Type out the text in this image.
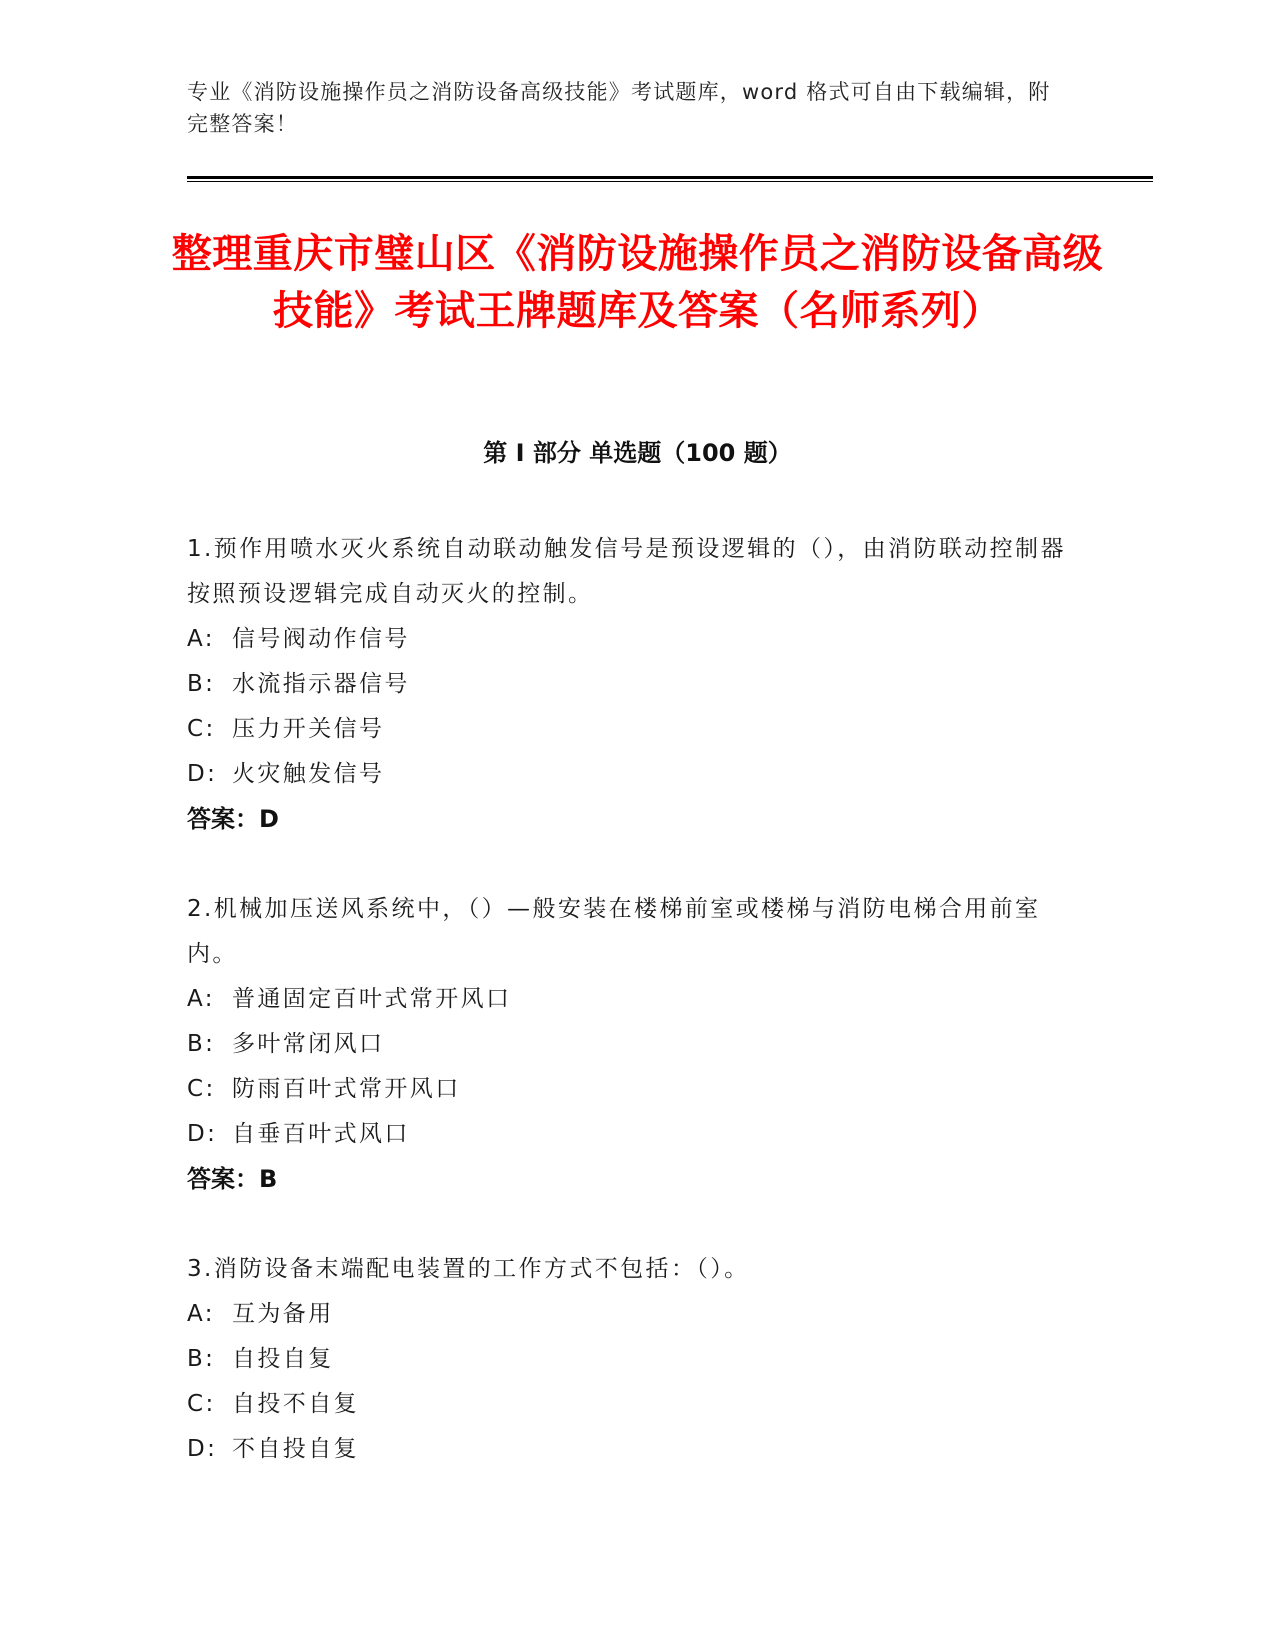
专业《消防设施操作员之消防设备高级技能》考试题库，word 格式可自由下载编辑，附完整答案！
整理重庆市璧山区《消防设施操作员之消防设备高级技能》考试王牌题库及答案（名师系列）
第 I 部分 单选题（100 题）
1.预作用喷水灭火系统自动联动触发信号是预设逻辑的（），由消防联动控制器按照预设逻辑完成自动灭火的控制。
A: 信号阀动作信号
B: 水流指示器信号
C: 压力开关信号
D: 火灾触发信号
答案：D
2.机械加压送风系统中，（）—般安装在楼梯前室或楼梯与消防电梯合用前室内。
A: 普通固定百叶式常开风口
B: 多叶常闭风口
C: 防雨百叶式常开风口
D: 自垂百叶式风口
答案：B
3.消防设备末端配电装置的工作方式不包括：（）。
A: 互为备用
B: 自投自复
C: 自投不自复
D: 不自投自复
